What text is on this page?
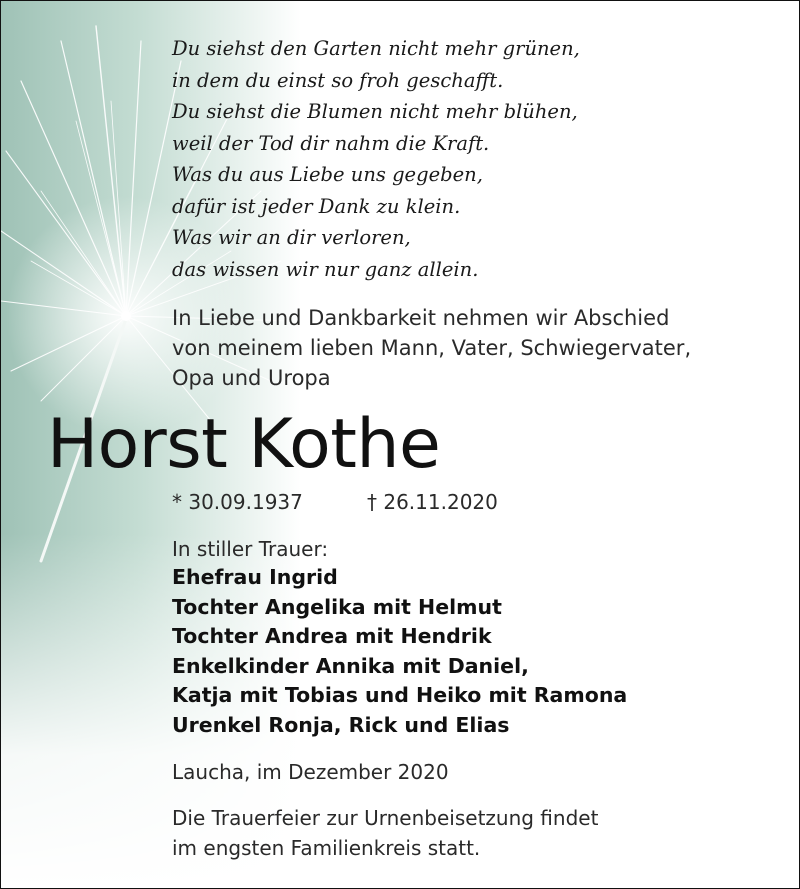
Du siehst den Garten nicht mehr grünen,
in dem du einst so froh geschafft.
Du siehst die Blumen nicht mehr blühen,
weil der Tod dir nahm die Kraft.
Was du aus Liebe uns gegeben,
dafür ist jeder Dank zu klein.
Was wir an dir verloren,
das wissen wir nur ganz allein.
In Liebe und Dankbarkeit nehmen wir Abschied
von meinem lieben Mann, Vater, Schwiegervater,
Opa und Uropa
Horst Kothe
* 30.09.1937	† 26.11.2020
In stiller Trauer:
Ehefrau Ingrid
Tochter Angelika mit Helmut
Tochter Andrea mit Hendrik
Enkelkinder Annika mit Daniel,
Katja mit Tobias und Heiko mit Ramona
Urenkel Ronja, Rick und Elias
Laucha, im Dezember 2020
Die Trauerfeier zur Urnenbeisetzung findet
im engsten Familienkreis statt.
